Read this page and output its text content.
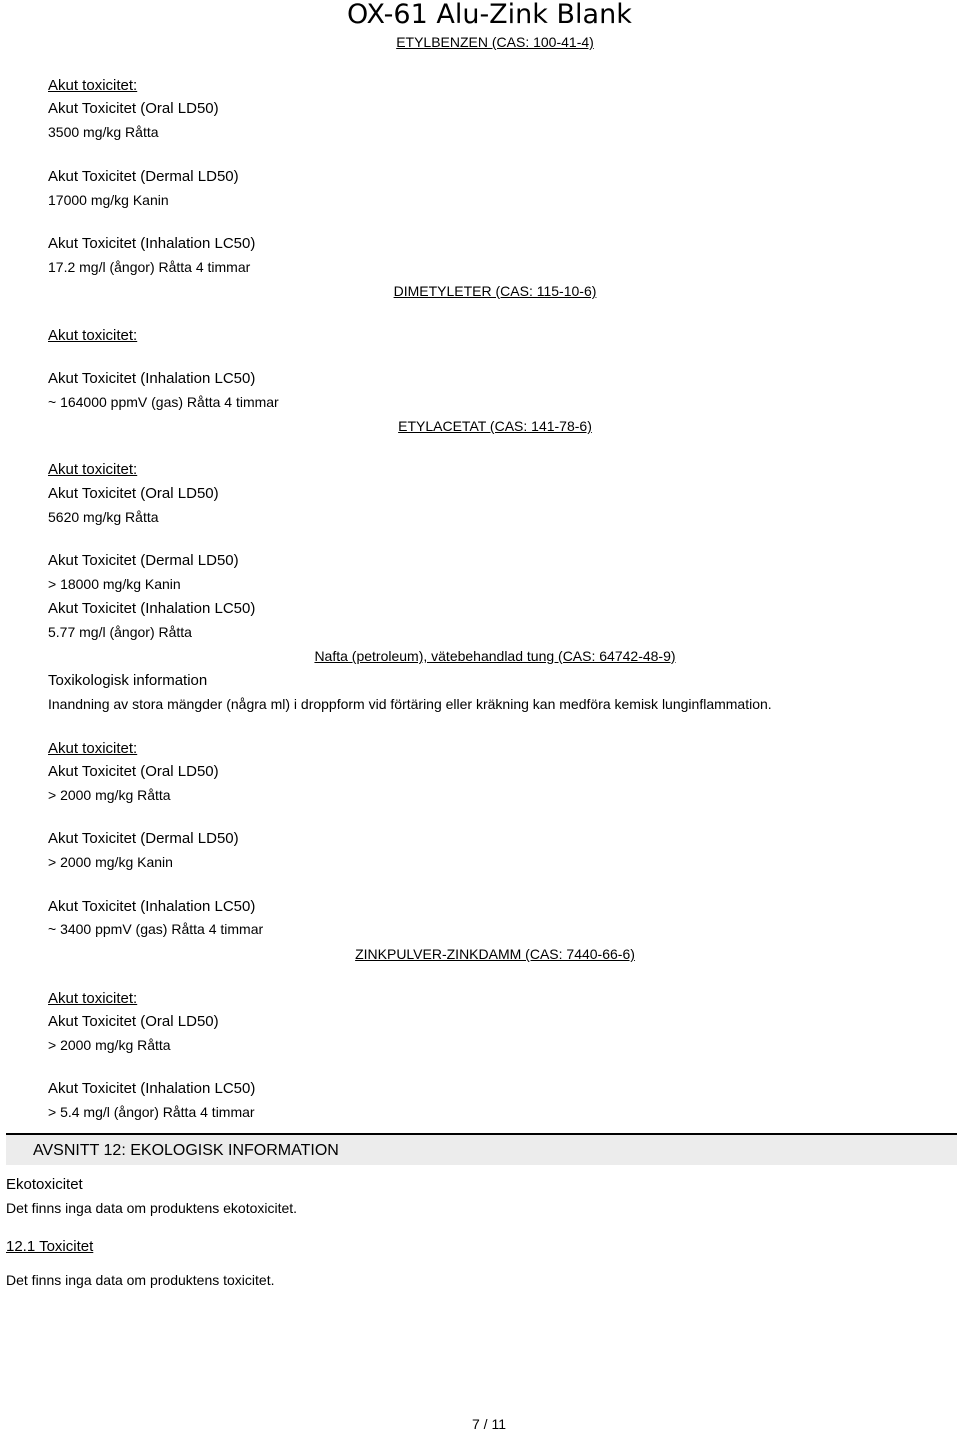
OX-61 Alu-Zink Blank
ETYLBENZEN (CAS: 100-41-4)
Akut toxicitet:
Akut Toxicitet (Oral LD50)
3500 mg/kg Råtta
Akut Toxicitet (Dermal LD50)
17000 mg/kg Kanin
Akut Toxicitet (Inhalation LC50)
17.2 mg/l (ångor) Råtta 4 timmar
DIMETYLETER (CAS: 115-10-6)
Akut toxicitet:
Akut Toxicitet (Inhalation LC50)
~ 164000 ppmV (gas) Råtta 4 timmar
ETYLACETAT (CAS: 141-78-6)
Akut toxicitet:
Akut Toxicitet (Oral LD50)
5620 mg/kg Råtta
Akut Toxicitet (Dermal LD50)
> 18000 mg/kg Kanin
Akut Toxicitet (Inhalation LC50)
5.77 mg/l (ångor) Råtta
Nafta (petroleum), vätebehandlad tung (CAS: 64742-48-9)
Toxikologisk information
Inandning av stora mängder (några ml) i droppform vid förtäring eller kräkning kan medföra kemisk lunginflammation.
Akut toxicitet:
Akut Toxicitet (Oral LD50)
> 2000 mg/kg Råtta
Akut Toxicitet (Dermal LD50)
> 2000 mg/kg Kanin
Akut Toxicitet (Inhalation LC50)
~ 3400 ppmV (gas) Råtta 4 timmar
ZINKPULVER-ZINKDAMM (CAS: 7440-66-6)
Akut toxicitet:
Akut Toxicitet (Oral LD50)
> 2000 mg/kg Råtta
Akut Toxicitet (Inhalation LC50)
> 5.4 mg/l (ångor) Råtta 4 timmar
AVSNITT 12: EKOLOGISK INFORMATION
Ekotoxicitet
Det finns inga data om produktens ekotoxicitet.
12.1 Toxicitet
Det finns inga data om produktens toxicitet.
7 / 11
